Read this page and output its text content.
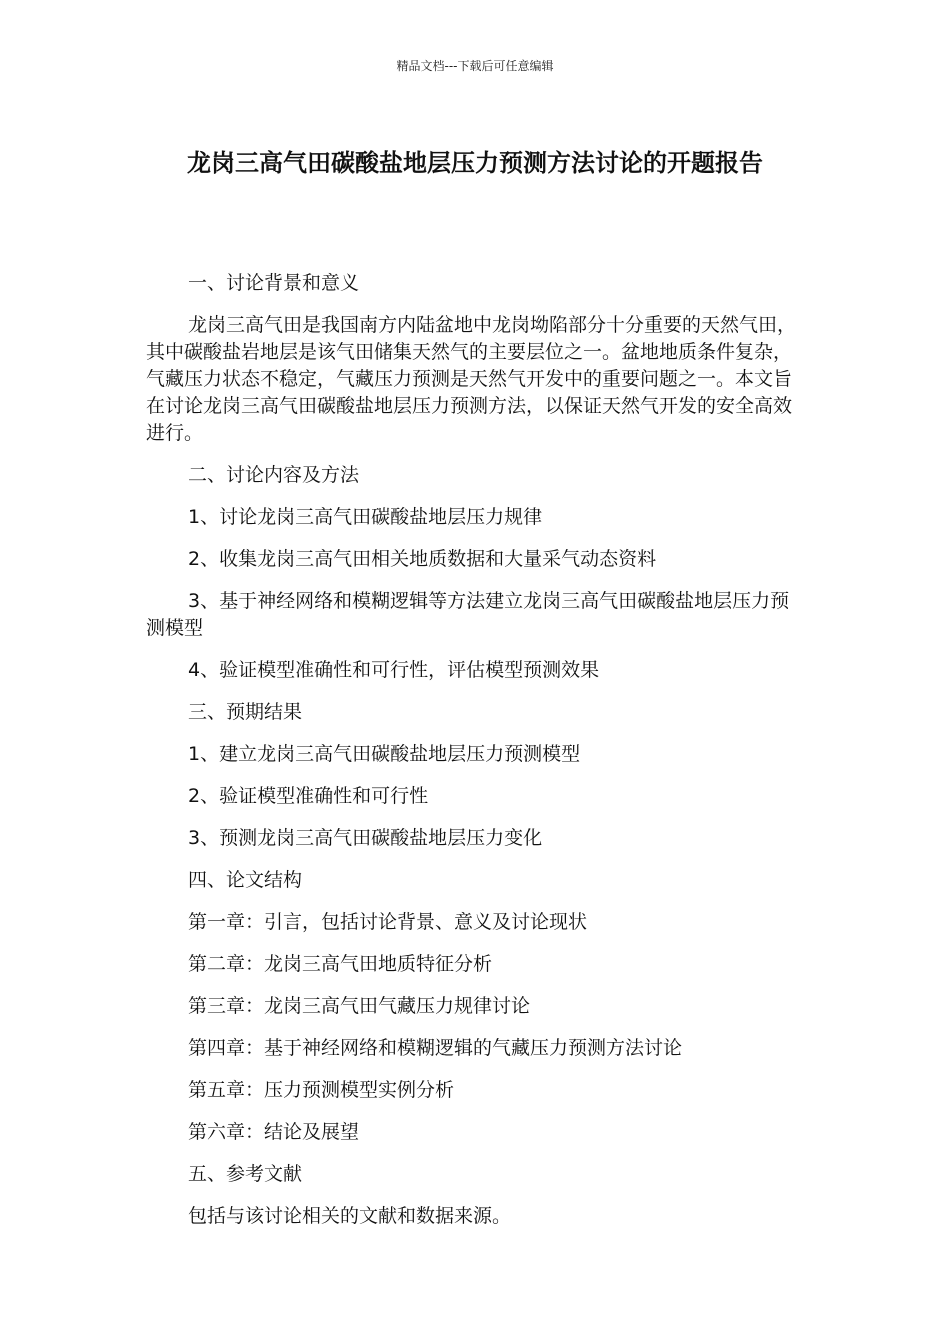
精品文档---下载后可任意编辑
龙岗三高气田碳酸盐地层压力预测方法讨论的开题报告

一、讨论背景和意义

龙岗三高气田是我国南方内陆盆地中龙岗坳陷部分十分重要的天然气田，其中碳酸盐岩地层是该气田储集天然气的主要层位之一。盆地地质条件复杂，气藏压力状态不稳定，气藏压力预测是天然气开发中的重要问题之一。本文旨在讨论龙岗三高气田碳酸盐地层压力预测方法，以保证天然气开发的安全高效进行。

二、讨论内容及方法

1、讨论龙岗三高气田碳酸盐地层压力规律

2、收集龙岗三高气田相关地质数据和大量采气动态资料

3、基于神经网络和模糊逻辑等方法建立龙岗三高气田碳酸盐地层压力预测模型

4、验证模型准确性和可行性，评估模型预测效果

三、预期结果

1、建立龙岗三高气田碳酸盐地层压力预测模型

2、验证模型准确性和可行性

3、预测龙岗三高气田碳酸盐地层压力变化

四、论文结构

第一章：引言，包括讨论背景、意义及讨论现状

第二章：龙岗三高气田地质特征分析

第三章：龙岗三高气田气藏压力规律讨论

第四章：基于神经网络和模糊逻辑的气藏压力预测方法讨论

第五章：压力预测模型实例分析

第六章：结论及展望

五、参考文献

包括与该讨论相关的文献和数据来源。
